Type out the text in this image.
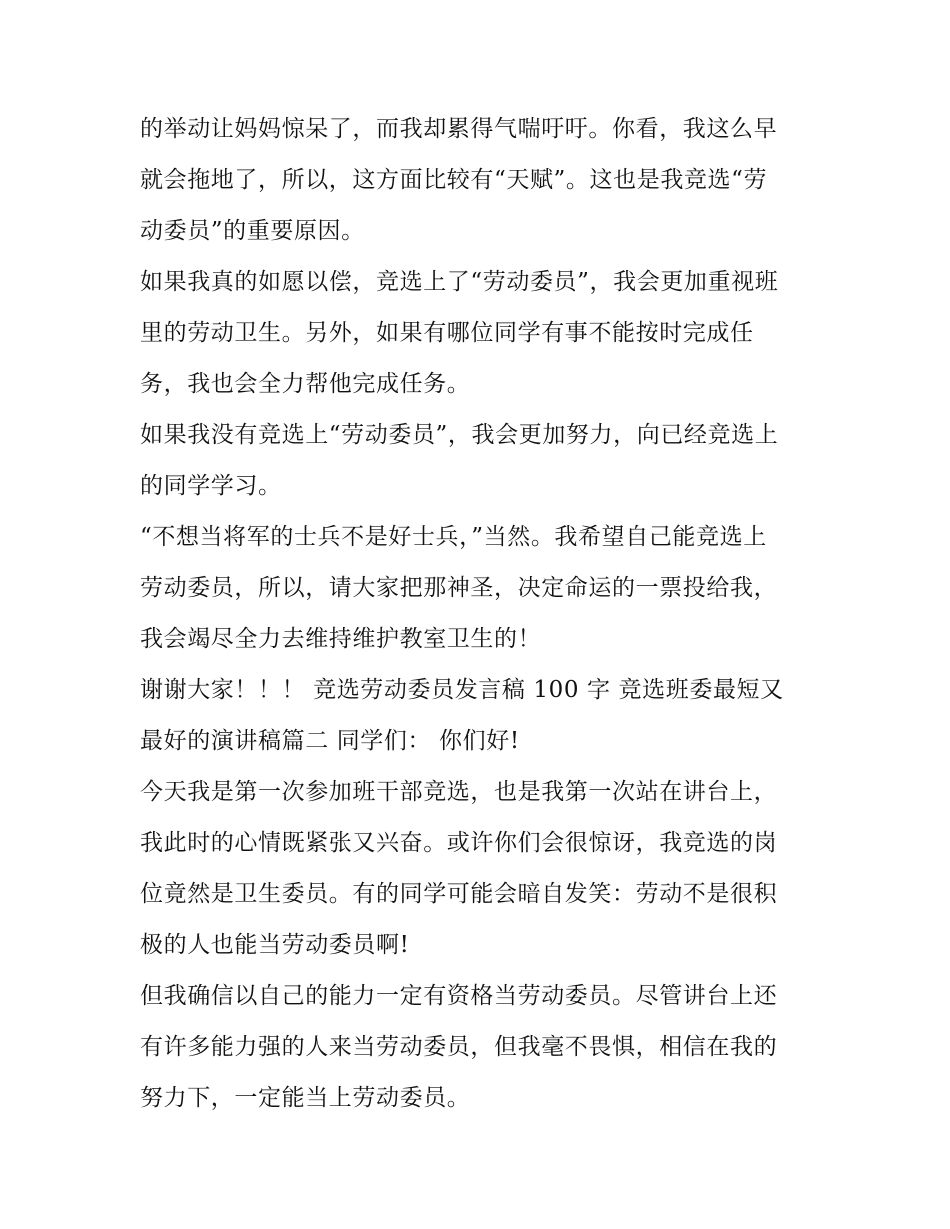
的举动让妈妈惊呆了，而我却累得气喘吁吁。你看，我这么早
就会拖地了，所以，这方面比较有“天赋”。这也是我竞选“劳
动委员”的重要原因。
如果我真的如愿以偿，竞选上了“劳动委员”，我会更加重视班
里的劳动卫生。另外，如果有哪位同学有事不能按时完成任
务，我也会全力帮他完成任务。
如果我没有竞选上“劳动委员”，我会更加努力，向已经竞选上
的同学学习。
“不想当将军的士兵不是好士兵，”当然。我希望自己能竞选上
劳动委员，所以，请大家把那神圣，决定命运的一票投给我，
我会竭尽全力去维持维护教室卫生的！
谢谢大家！！！ 竞选劳动委员发言稿 100 字 竞选班委最短又
最好的演讲稿篇二 同学们： 你们好!
今天我是第一次参加班干部竞选，也是我第一次站在讲台上，
我此时的心情既紧张又兴奋。或许你们会很惊讶，我竞选的岗
位竟然是卫生委员。有的同学可能会暗自发笑：劳动不是很积
极的人也能当劳动委员啊!
但我确信以自己的能力一定有资格当劳动委员。尽管讲台上还
有许多能力强的人来当劳动委员，但我毫不畏惧，相信在我的
努力下，一定能当上劳动委员。
